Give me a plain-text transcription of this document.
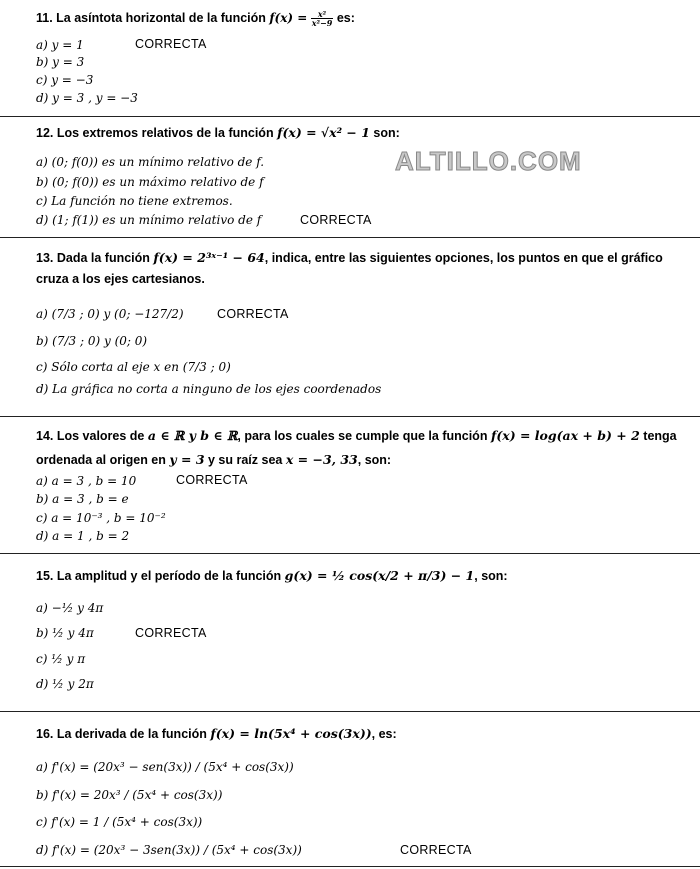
ALTILLO.COM
11. La asíntota horizontal de la función $f(x) = \frac{\text{x²}}{\text{x²−9}}$ es:
a) y = 1	CORRECTA
b) y = 3
c) y = −3
d) y = 3 , y = −3
12. Los extremos relativos de la función f(x) = √x² − 1 son:
a) (0; f(0)) es un mínimo relativo de f.
b) (0; f(0)) es un máximo relativo de f
c) La función no tiene extremos.
d) (1; f(1)) es un mínimo relativo de f	CORRECTA
13. Dada la función f(x) = 2³ˣ⁻¹ − 64, indica, entre las siguientes opciones, los puntos en que el gráfico
cruza a los ejes cartesianos.
a) (7/3 ; 0) y (0; −127/2)	CORRECTA
b) (7/3 ; 0) y (0; 0)
c) Sólo corta al eje x en (7/3 ; 0)
d) La gráfica no corta a ninguno de los ejes coordenados
14. Los valores de a ∈ ℝ y b ∈ ℝ, para los cuales se cumple que la función f(x) = log(ax + b) + 2 tenga
ordenada al origen en y = 3 y su raíz sea x = −3, 33, son:
a) a = 3 , b = 10	CORRECTA
b) a = 3 , b = e
c) a = 10⁻³ , b = 10⁻²
d) a = 1 , b = 2
15. La amplitud y el período de la función g(x) = ½ cos(x/2 + π/3) − 1, son:
a) −½ y 4π
b) ½ y 4π	CORRECTA
c) ½ y π
d) ½ y 2π
16. La derivada de la función f(x) = ln(5x⁴ + cos(3x)), es:
a) f'(x) = (20x³ − sen(3x)) / (5x⁴ + cos(3x))
b) f'(x) = 20x³ / (5x⁴ + cos(3x))
c) f'(x) = 1 / (5x⁴ + cos(3x))
d) f'(x) = (20x³ − 3sen(3x)) / (5x⁴ + cos(3x))	CORRECTA
